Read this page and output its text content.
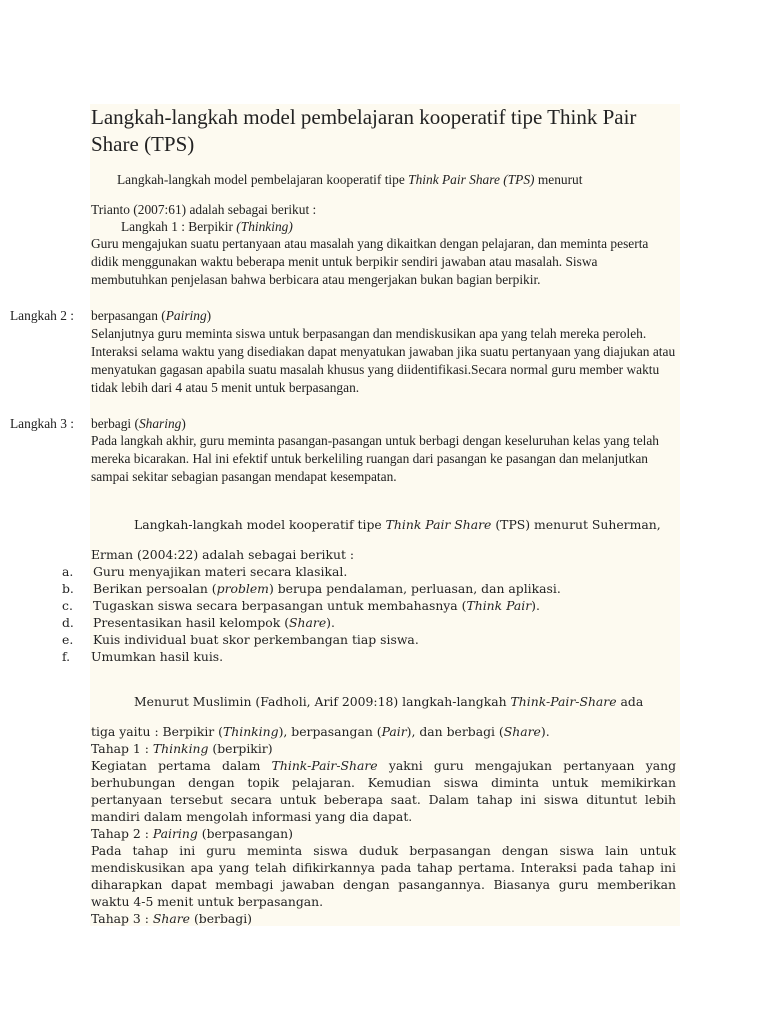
Langkah-langkah model pembelajaran kooperatif tipe Think Pair Share (TPS)
Langkah-langkah model pembelajaran kooperatif tipe Think Pair Share (TPS) menurut
Trianto (2007:61) adalah sebagai berikut :
Langkah 1 : Berpikir (Thinking)
Guru mengajukan suatu pertanyaan atau masalah yang dikaitkan dengan pelajaran, dan meminta peserta didik menggunakan waktu beberapa menit untuk berpikir sendiri jawaban atau masalah. Siswa membutuhkan penjelasan bahwa berbicara atau mengerjakan bukan bagian berpikir.
Langkah 2 : berpasangan (Pairing)
Selanjutnya guru meminta siswa untuk berpasangan dan mendiskusikan apa yang telah mereka peroleh. Interaksi selama waktu yang disediakan dapat menyatukan jawaban jika suatu pertanyaan yang diajukan atau menyatukan gagasan apabila suatu masalah khusus yang diidentifikasi.Secara normal guru member waktu tidak lebih dari 4 atau 5 menit untuk berpasangan.
Langkah 3 : berbagi (Sharing)
Pada langkah akhir, guru meminta pasangan-pasangan untuk berbagi dengan keseluruhan kelas yang telah mereka bicarakan. Hal ini efektif untuk berkeliling ruangan dari pasangan ke pasangan dan melanjutkan sampai sekitar sebagian pasangan mendapat kesempatan.
Langkah-langkah model kooperatif tipe Think Pair Share (TPS) menurut Suherman,
Erman (2004:22) adalah sebagai berikut :
a.	Guru menyajikan materi secara klasikal.
b.	Berikan persoalan (problem) berupa pendalaman, perluasan, dan aplikasi.
c.	Tugaskan siswa secara berpasangan untuk membahasnya (Think Pair).
d.	Presentasikan hasil kelompok (Share).
e.	Kuis individual buat skor perkembangan tiap siswa.
f.	Umumkan hasil kuis.
Menurut Muslimin (Fadholi, Arif 2009:18) langkah-langkah Think-Pair-Share ada
tiga yaitu : Berpikir (Thinking), berpasangan (Pair), dan berbagi (Share).
Tahap 1 : Thinking (berpikir)
Kegiatan pertama dalam Think-Pair-Share yakni guru mengajukan pertanyaan yang berhubungan dengan topik pelajaran. Kemudian siswa diminta untuk memikirkan pertanyaan tersebut secara untuk beberapa saat. Dalam tahap ini siswa dituntut lebih mandiri dalam mengolah informasi yang dia dapat.
Tahap 2 : Pairing (berpasangan)
Pada tahap ini guru meminta siswa duduk berpasangan dengan siswa lain untuk mendiskusikan apa yang telah difikirkannya pada tahap pertama. Interaksi pada tahap ini diharapkan dapat membagi jawaban dengan pasangannya. Biasanya guru memberikan waktu 4-5 menit untuk berpasangan.
Tahap 3 : Share (berbagi)
